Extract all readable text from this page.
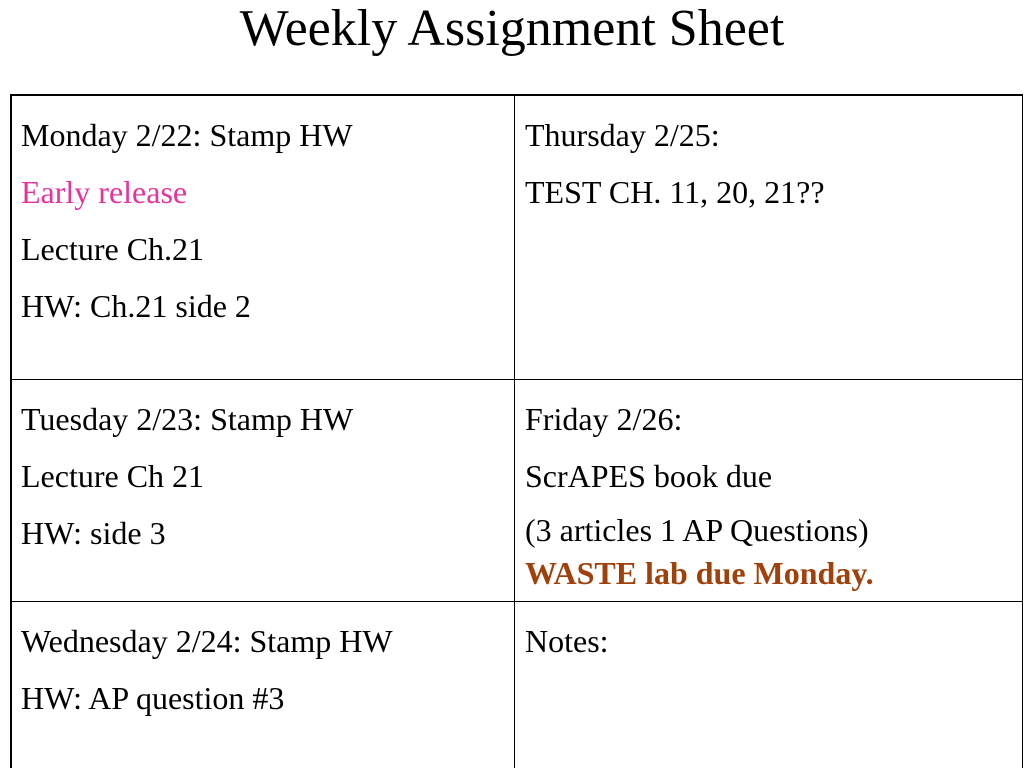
Weekly Assignment Sheet
Monday 2/22: Stamp HW
Early release
Lecture Ch.21
HW: Ch.21 side 2
Thursday 2/25:
TEST CH. 11, 20, 21??
Tuesday 2/23: Stamp HW
Lecture Ch 21
HW: side 3
Friday 2/26:
ScrAPES book due
(3 articles 1 AP Questions)
WASTE lab due Monday.
Wednesday 2/24: Stamp HW
HW: AP question #3
Notes:
